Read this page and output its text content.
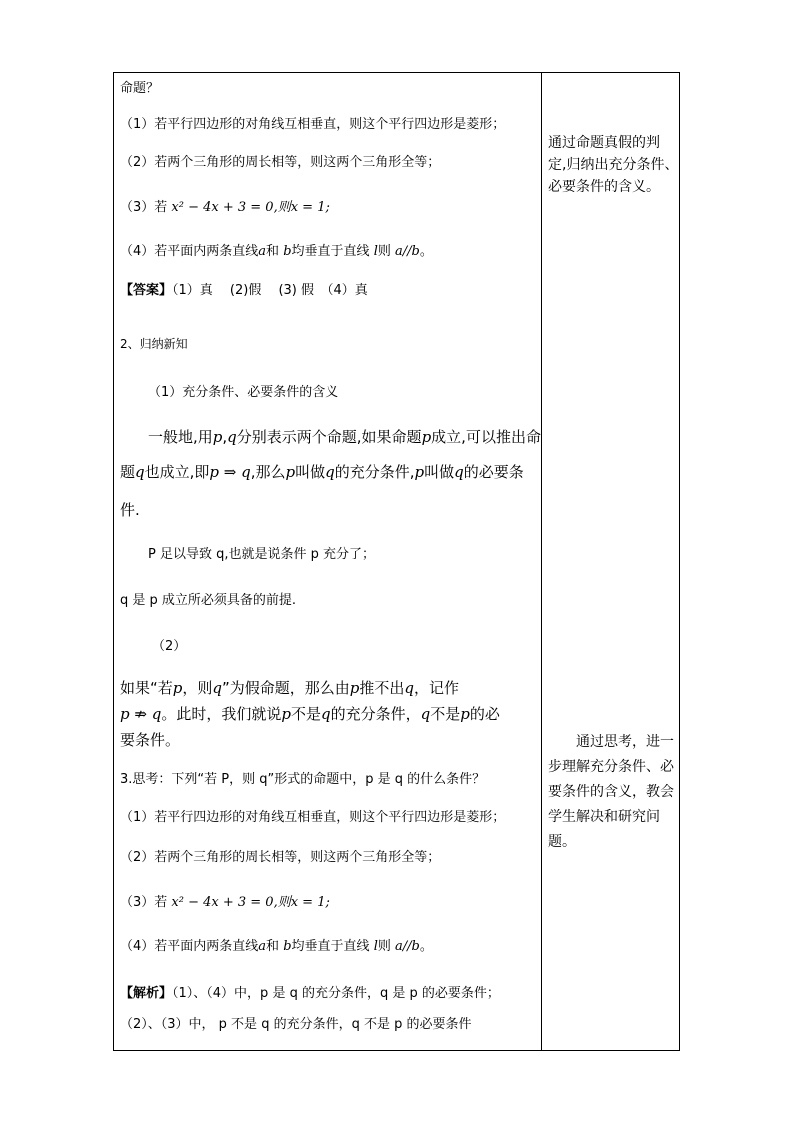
命题？
（1）若平行四边形的对角线互相垂直，则这个平行四边形是菱形；
（2）若两个三角形的周长相等，则这两个三角形全等；
（3）若 x² − 4x + 3 = 0,则x = 1;
（4）若平面内两条直线a和 b均垂直于直线 l则 a//b。
【答案】（1）真　 (2)假　 (3) 假　（4）真
2、归纳新知
（1）充分条件、必要条件的含义
一般地,用p,q分别表示两个命题,如果命题p成立,可以推出命
题q也成立,即p ⇒ q,那么p叫做q的充分条件,p叫做q的必要条
件.
P 足以导致 q,也就是说条件 p 充分了；
q 是 p 成立所必须具备的前提.
（2）
如果“若p，则q”为假命题，那么由p推不出q，记作
p ⇏ q。此时，我们就说p不是q的充分条件，q不是p的必
要条件。
3.思考：下列“若 P，则 q”形式的命题中，p 是 q 的什么条件？
（1）若平行四边形的对角线互相垂直，则这个平行四边形是菱形；
（2）若两个三角形的周长相等，则这两个三角形全等；
（3）若 x² − 4x + 3 = 0,则x = 1;
（4）若平面内两条直线a和 b均垂直于直线 l则 a//b。
【解析】（1）、（4）中，p 是 q 的充分条件，q 是 p 的必要条件；
（2）、（3）中， p 不是 q 的充分条件，q 不是 p 的必要条件
通过命题真假的判
定,归纳出充分条件、
必要条件的含义。
通过思考，进一
步理解充分条件、必
要条件的含义，教会
学生解决和研究问
题。
